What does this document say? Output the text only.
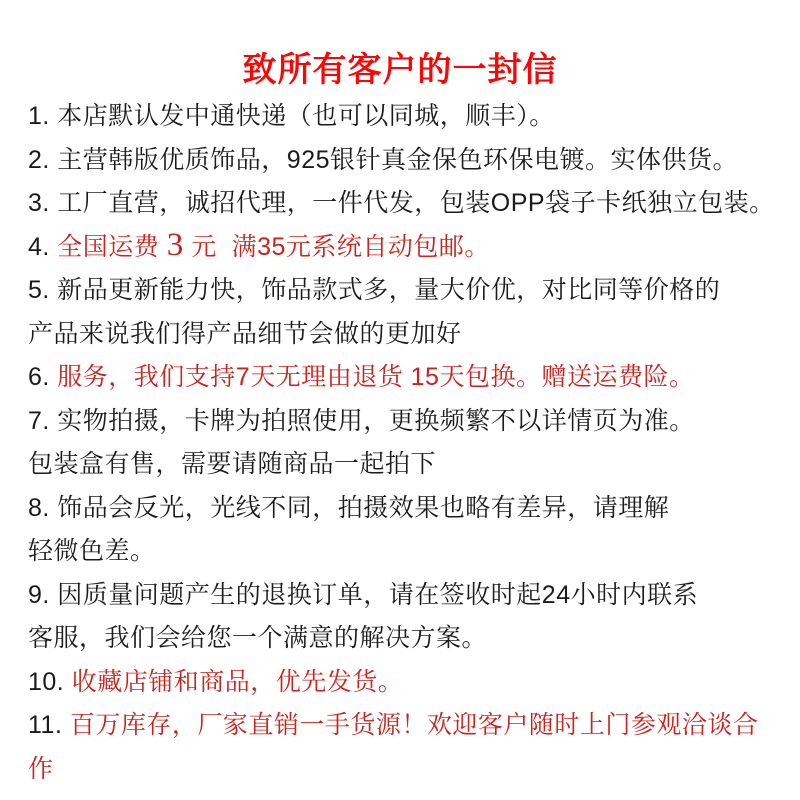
致所有客户的一封信

1. 本店默认发中通快递（也可以同城，顺丰）。

2. 主营韩版优质饰品，925银针真金保色环保电镀。实体供货。

3. 工厂直营，诚招代理，一件代发，包装OPP袋子卡纸独立包装。

4. 全国运费 3 元  满35元系统自动包邮。

5. 新品更新能力快，饰品款式多，量大价优，对比同等价格的

产品来说我们得产品细节会做的更加好

6. 服务，我们支持7天无理由退货 15天包换。赠送运费险。

7. 实物拍摄，卡牌为拍照使用，更换频繁不以详情页为准。

包装盒有售，需要请随商品一起拍下

8. 饰品会反光，光线不同，拍摄效果也略有差异，请理解

轻微色差。

9. 因质量问题产生的退换订单，请在签收时起24小时内联系

客服，我们会给您一个满意的解决方案。

10. 收藏店铺和商品，优先发货。

11. 百万库存，厂家直销一手货源！欢迎客户随时上门参观洽谈合作
